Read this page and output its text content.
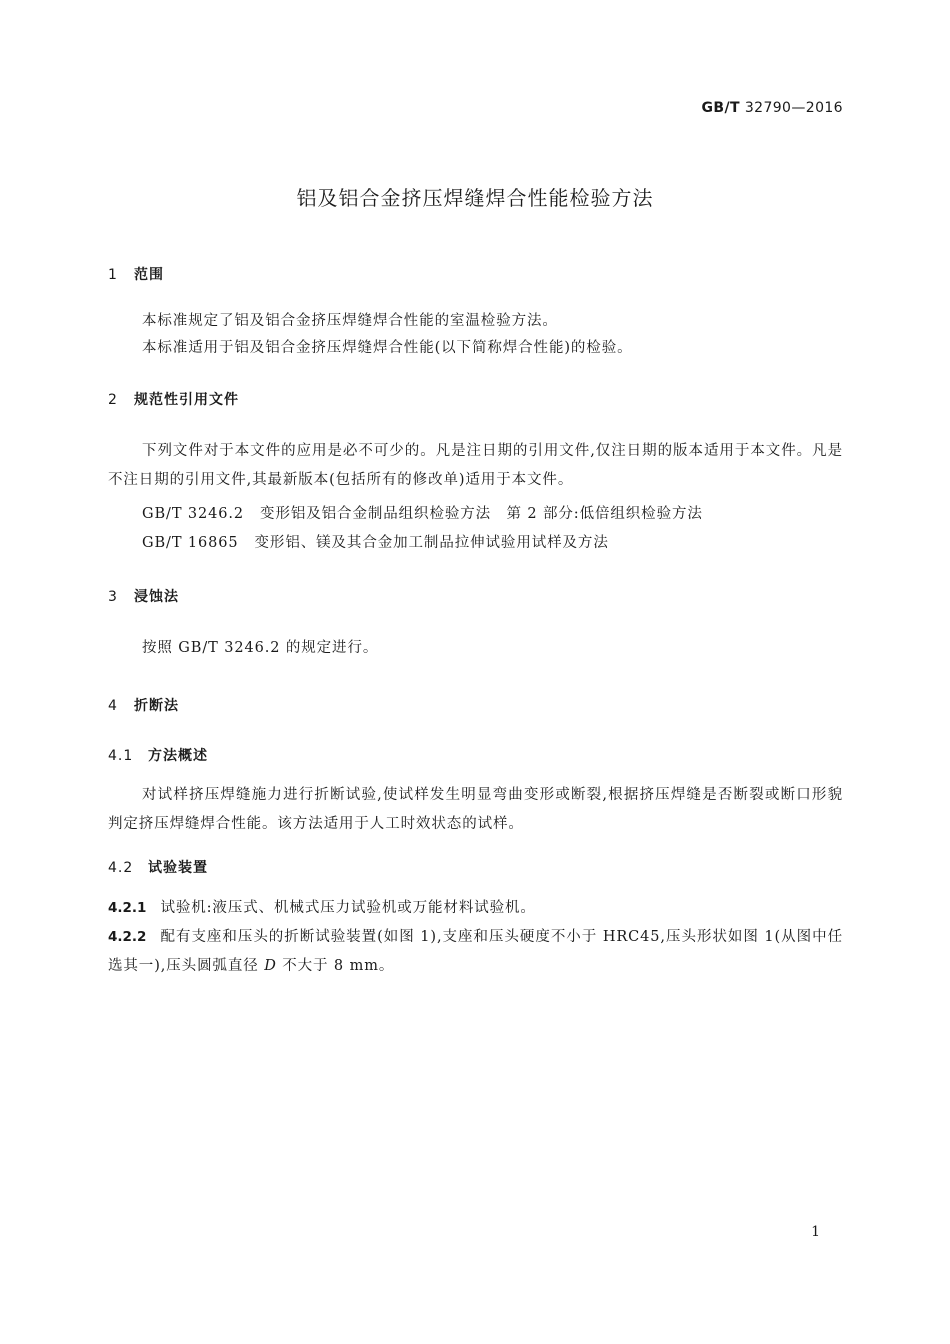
GB/T 32790—2016
铝及铝合金挤压焊缝焊合性能检验方法
1 范围
本标准规定了铝及铝合金挤压焊缝焊合性能的室温检验方法。
本标准适用于铝及铝合金挤压焊缝焊合性能(以下简称焊合性能)的检验。
2 规范性引用文件
下列文件对于本文件的应用是必不可少的。凡是注日期的引用文件,仅注日期的版本适用于本文件。凡是不注日期的引用文件,其最新版本(包括所有的修改单)适用于本文件。
GB/T 3246.2 变形铝及铝合金制品组织检验方法　第 2 部分:低倍组织检验方法
GB/T 16865 变形铝、镁及其合金加工制品拉伸试验用试样及方法
3 浸蚀法
按照 GB/T 3246.2 的规定进行。
4 折断法
4.1 方法概述
对试样挤压焊缝施力进行折断试验,使试样发生明显弯曲变形或断裂,根据挤压焊缝是否断裂或断口形貌判定挤压焊缝焊合性能。该方法适用于人工时效状态的试样。
4.2 试验装置
4.2.1 试验机:液压式、机械式压力试验机或万能材料试验机。
4.2.2 配有支座和压头的折断试验装置(如图 1),支座和压头硬度不小于 HRC45,压头形状如图 1(从图中任选其一),压头圆弧直径 D 不大于 8 mm。
1
